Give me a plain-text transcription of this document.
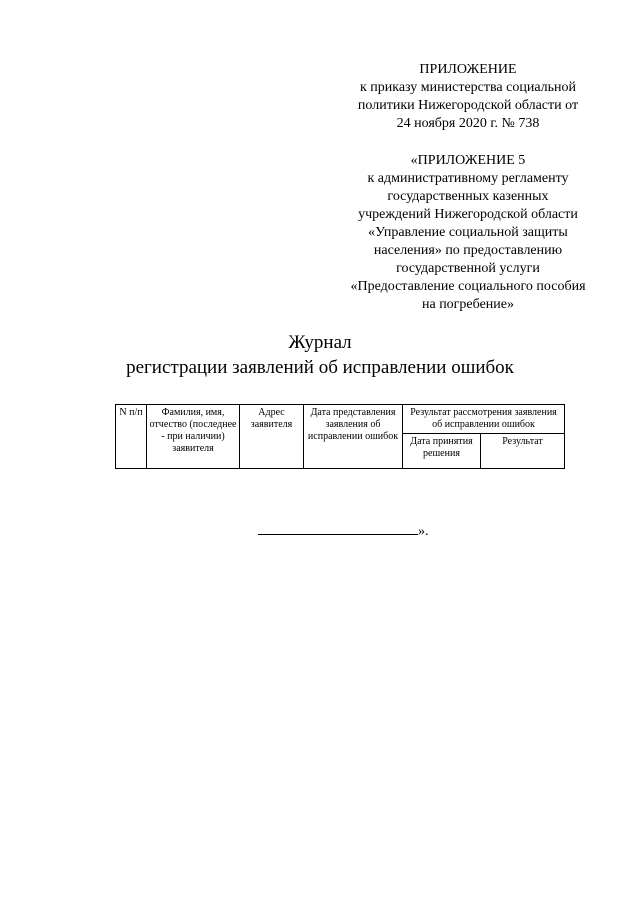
ПРИЛОЖЕНИЕ
к приказу министерства социальной
политики Нижегородской области от
24 ноября 2020 г. № 738
«ПРИЛОЖЕНИЕ 5
к административному регламенту
государственных казенных
учреждений Нижегородской области
«Управление социальной защиты
населения» по предоставлению
государственной услуги
«Предоставление социального пособия
на погребение»
Журнал
регистрации заявлений об исправлении ошибок
N п/п	Фамилия, имя, отчество (последнее - при наличии) заявителя	Адрес заявителя	Дата представления заявления об исправлении ошибок	Результат рассмотрения заявления об исправлении ошибок	

				Дата принятия решения	Результат
».
